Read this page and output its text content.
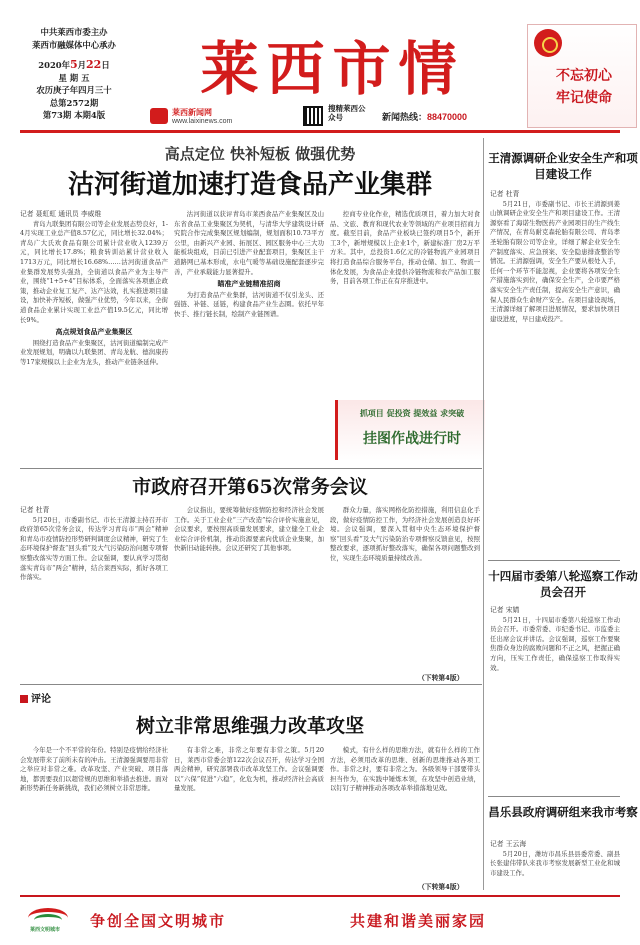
中共莱西市委主办
莱西市融媒体中心承办
2020年5月22日
星 期 五
农历庚子年四月三十
总第2572期
第73期 本期4版
莱西市情
莱西新闻网
www.laixinews.com
搜精莱西公众号	新闻热线：88470000
不忘初心
牢记使命
高点定位 快补短板 做强优势
沽河街道加速打造食品产业集群
记者 聂虹虹 通讯员 李威维

青岛九联集团有限公司等企业发展态势良好，1-4月实现工业总产值8.57亿元，同比增长32.04%；青岛广大氏欢食品有限公司累计营业收入1239万元，同比增长17.8%；粮食转训站累计营业收入1713万元，同比增长16.68%……沽河街道食品产业集群发展势头强劲，全街道以食品产业为主导产业，围绕“1+5+4”目标体系，全面落实各项惠企政策，推动企业复工复产、达产达效，扎实推进项目建设，加快补齐短板，做强产业优势，今年以来，全街道食品企业累计实现工业总产值19.5亿元，同比增长9%。

高点规划食品产业集聚区

围绕打造食品产业集聚区，沽河街道编制完成产业发展规划，明确以九联集团、青岛龙航、德润康药等17家规模以上企业为龙头，推动产业链条延伸。

沽河街道以获评青岛市莱西食品产业集聚区及山东省食品工业集聚区为契机，与清华大学建筑设计研究院合作完成集聚区规划编制，规划面积10.73平方公里，由新兴产业园、拓展区、园区服务中心三大功能板块组成，目前已引进产业配套项目，集聚区主干道路网已基本形成，水电气暖等基础设施配套逐步完善，产业承载能力显著提升。

瞄准产业链精准招商

为打造食品产业集群，沽河街道不仅引龙头、还强链、补链、延链，构建食品产业生态圈。依托早年快手、推行链长制，绘制产业链图谱。

控商专业化作业，精选优质项目，着力加大对食品、文旅、教育和现代农业等领域的产业项目招商力度。截至目前，食品产业板块已签约项目5个，新开工3个，新增规模以上企业1个，新建标准厂房2万平方米。其中，总投资1.6亿元的冷链物流产业园项目将打造食品综合服务平台，推动仓储、加工、物流一体化发展，为食品企业提供冷链物流和农产品加工服务，目前各项工作正在有序推进中。

抓项目 促投资 提效益 求突破
挂图作战进行时
市政府召开第65次常务会议
记者 杜青

5月20日，市委副书记、市长王清源主持召开市政府第65次常务会议，传达学习青岛市“两会”精神和青岛市疫情防控形势研判调度会议精神，研究了生态环境保护督查“回头看”及大气污染防治问题专项督察整改落实等方面工作。会议强调，要认真学习贯彻落实青岛市“两会”精神，结合莱西实际，抓好各项工作落实。

会议指出，要统筹做好疫情防控和经济社会发展工作。关于工业企业“三产改造”综合评价实施意见，会议要求，要按照高质量发展要求，建立健全工业企业综合评价机制，推动资源要素向优质企业集聚，加快新旧动能转换。会议还研究了其他事项。

群众力量，落实网格化防控措施，利用信息化手段，做好疫情防控工作，为经济社会发展创造良好环境。会议强调，要深入贯彻中央生态环境保护督察“回头看”及大气污染防治专项督察反馈意见，按照整改要求，逐项抓好整改落实，确保各项问题整改到位，实现生态环境质量持续改善。

（下转第4版）
评论
树立非常思维强力改革攻坚

今年是一个不平常的年份。特别是疫情给经济社会发展带来了前所未有的冲击。王清源强调要用非常之举应对非常之难。改革攻坚、产业突破、项目落地，都需要我们以超常规的思维和举措去推进。面对新形势新任务新挑战，我们必须树立非常思维。

有非常之难，非常之年要有非常之策。5月20日，莱西市常委会第122次会议召开，传达学习全国两会精神，研究部署我市改革攻坚工作。会议强调要以“六保”促进“六稳”，化危为机，推动经济社会高质量发展。

模式，有什么样的思维方法，就有什么样的工作方法，必须用改革的思维、创新的思维推动各项工作。非常之时，要有非常之为。各级领导干部要带头担当作为，在实践中锤炼本领，在攻坚中创造业绩，以钉钉子精神推动各项改革举措落地见效。

（下转第4版）
王清源调研企业安全生产和项目建设工作
记者 杜青

5月21日，市委副书记、市长王清源到姜山镇调研企业安全生产和项目建设工作。王清源察看了海诺生物医药产业园项目的生产线生产情况，在青岛耐克森轮胎有限公司、青岛孝圣轮胎有限公司等企业，详细了解企业安全生产制度落实、应急预案、安全隐患排查整治等情况。王清源强调，安全生产要从根处入手，任何一个环节不能忽视，企业要将各项安全生产措施落实到位，确保安全生产，全市要严格落实安全生产责任制，提高安全生产意识，确保人民群众生命财产安全。在项目建设现场，王清源详细了解项目进展情况，要求加快项目建设进度，早日建成投产。

十四届市委第八轮巡察工作动员会召开
记者 宋婧

5月21日，十四届市委第八轮巡察工作动员会召开。市委常委、市纪委书记、市监委主任出席会议并讲话。会议强调，巡察工作要聚焦群众身边的腐败问题和不正之风，把握正确方向，压实工作责任，确保巡察工作取得实效。

昌乐县政府调研组来我市考察
记者 王云海

5月20日，潍坊市昌乐县县委常委、副县长张建伟带队来我市考察发展新型工业化和城市建设工作。

莱西文明城市 争创全国文明城市	共建和谐美丽家园
